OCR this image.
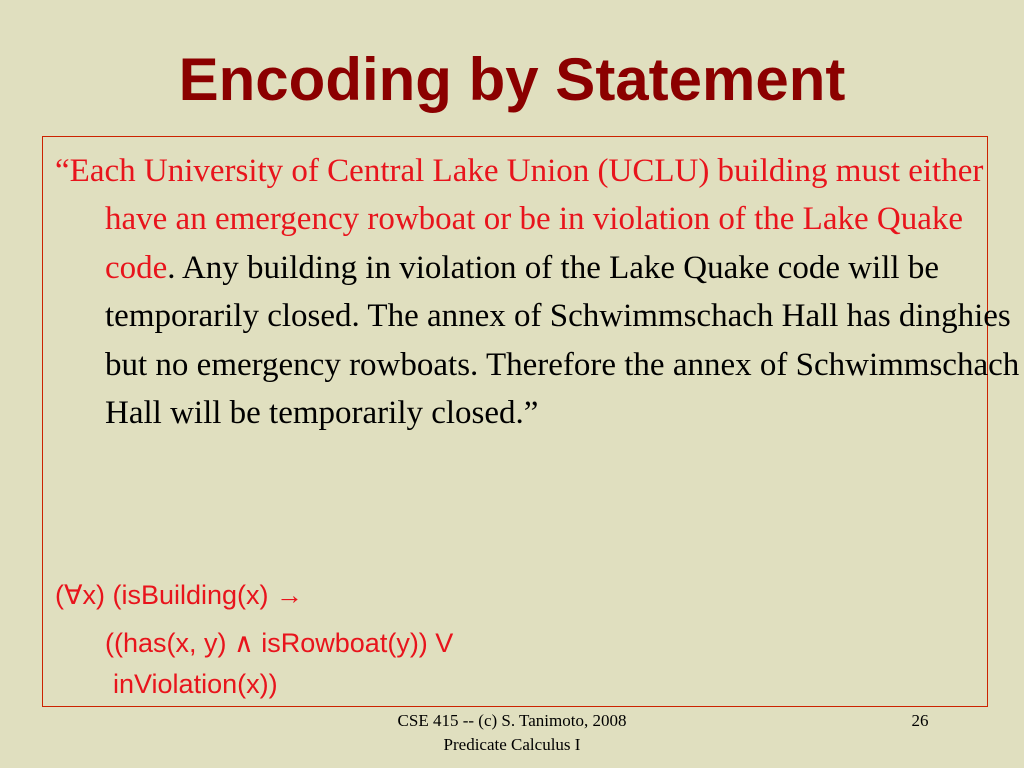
Encoding by Statement

“Each University of Central Lake Union (UCLU) building must either have an emergency rowboat or be in violation of the Lake Quake code. Any building in violation of the Lake Quake code will be temporarily closed. The annex of Schwimmschach Hall has dinghies but no emergency rowboats. Therefore the annex of Schwimmschach Hall will be temporarily closed.”

(∀x) (isBuilding(x) →

((has(x, y) ∧ isRowboat(y)) V

inViolation(x))

CSE 415 -- (c) S. Tanimoto, 2008
Predicate Calculus I
26
